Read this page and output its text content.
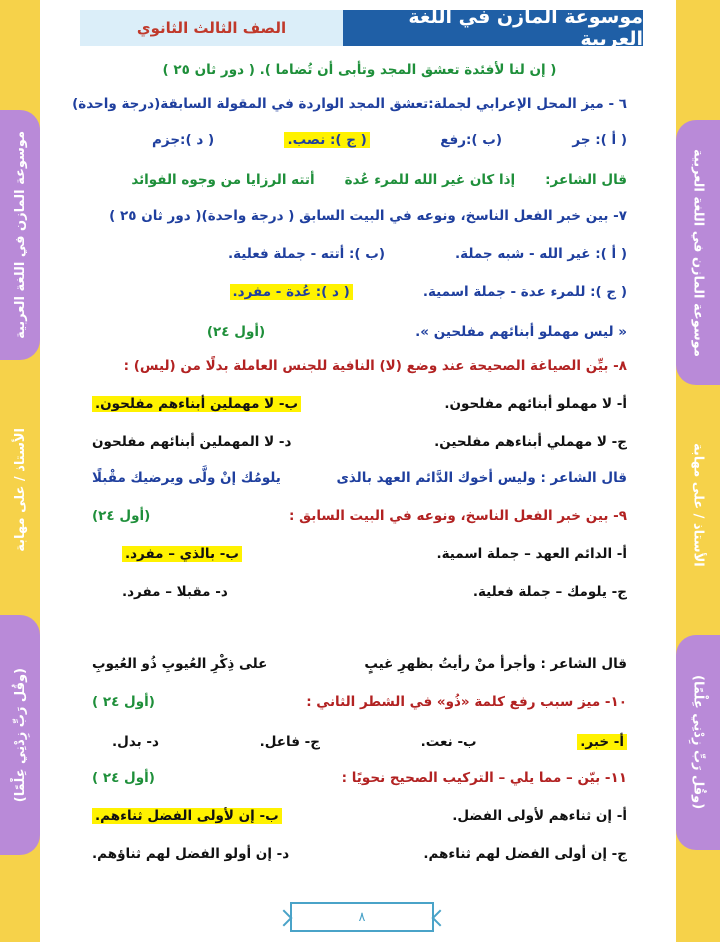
موسوعة المازن في اللغة العربية
الأستاذ / على مهابة
(وقُل رَبِّ زِدْنِي عِلْمًا)
موسوعة المازن في اللغة العربية
الأستاذ / على مهابة
(وقُل رَبِّ زِدْنِي عِلْمًا)
موسوعة المازن في اللغة العربية
الصف الثالث الثانوي
( إن لنا لأفئدة تعشق المجد وتأبى أن تُضاما ). ( دور ثان ٢٥ )
٦ - ميز المحل الإعرابي لجملة:تعشق المجد الواردة في المقولة السابقة(درجة واحدة)
( أ ): جر
(ب ):رفع
( ج ): نصب.
( د ):جزم
قال الشاعر:
إذا كان غير الله للمرء عُدة
أتته الرزايا من وجوه الفوائد
٧- بين خبر الفعل الناسخ، ونوعه في البيت السابق ( درجة واحدة)( دور ثان ٢٥ )
( أ ): غير الله - شبه جملة.
(ب ): أتته - جملة فعلية.
( ج ): للمرء عدة - جملة اسمية.
( د ): عُدة - مفرد.
« ليس مهملو أبنائهم مفلحين ».
(أول ٢٤)
٨- بيِّن الصياغة الصحيحة عند وضع (لا) النافية للجنس العاملة بدلًا من (ليس) :
أ- لا مهملو أبنائهم مفلحون.
ب- لا مهملين أبناءهم مفلحون.
ج- لا مهملي أبناءهم مفلحين.
د- لا المهملين أبنائهم مفلحون
قال الشاعر : وليس أخوك الدَّائم العهد بالذى
يلومُك إنْ ولَّى ويرضيك مقْبلًا
٩- بين خبر الفعل الناسخ، ونوعه في البيت السابق :
(أول ٢٤)
أ- الدائم العهد – جملة اسمية.
ب- بالذي – مفرد.
ج- يلومك – جملة فعلية.
د- مقبلا – مفرد.
قال الشاعر : وأجرأ منْ رأيتُ بظهرِ غيبٍ
على ذِكْرِ العُيوبِ ذُو العُيوبِ
١٠- ميز سبب رفع كلمة «ذُو» في الشطر الثاني :
(أول ٢٤ )
أ- خبر.
ب- نعت.
ج- فاعل.
د- بدل.
١١- بيّن – مما يلي – التركيب الصحيح نحويًا :
(أول ٢٤ )
أ- إن ثناءهم لأولى الفضل.
ب- إن لأولى الفضل ثناءهم.
ج- إن أولى الفضل لهم ثناءهم.
د- إن أولو الفضل لهم ثناؤهم.
٨
